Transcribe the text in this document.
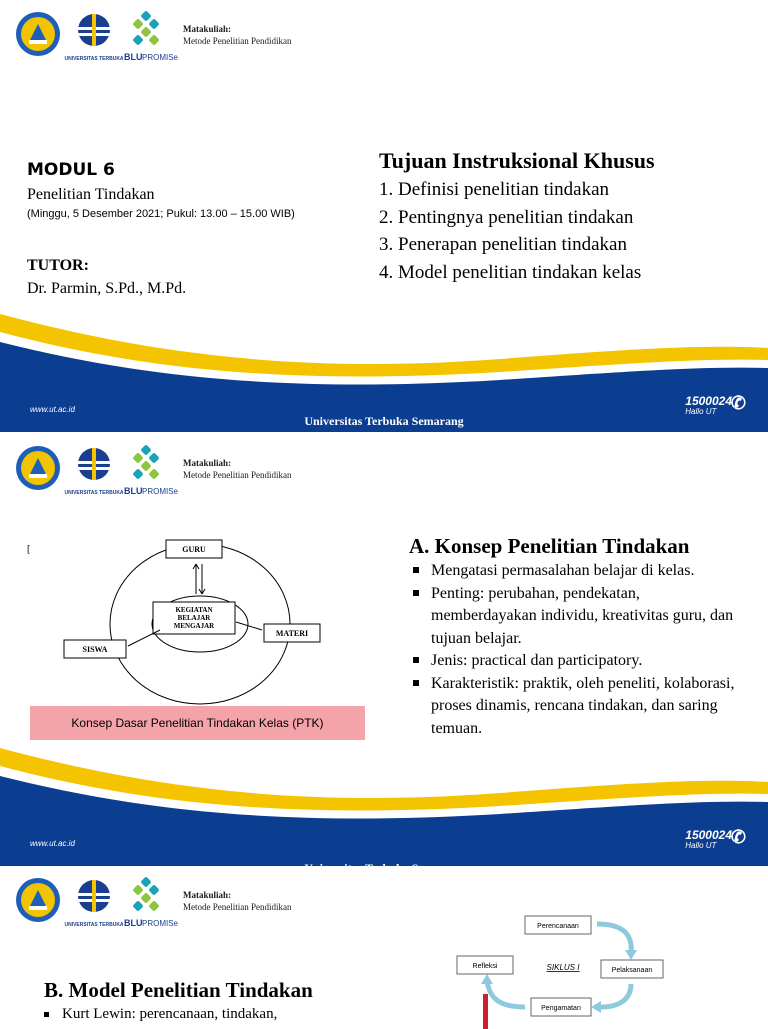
UNIVERSITAS TERBUKA BLU PROMISe
Matakuliah:
Metode Penelitian Pendidikan
MODUL 6
Penelitian Tindakan
(Minggu, 5 Desember 2021; Pukul: 13.00 – 15.00 WIB)
TUTOR:
Dr. Parmin, S.Pd., M.Pd.
Tujuan Instruksional Khusus
1. Definisi penelitian tindakan
2. Pentingnya penelitian tindakan
3. Penerapan penelitian tindakan
4. Model penelitian tindakan kelas
www.ut.ac.id
1500024
Hallo UT ✆
Universitas Terbuka Semarang
UNIVERSITAS TERBUKA BLU PROMISe
Matakuliah:
Metode Penelitian Pendidikan
[	GURU
KEGIATAN
BELAJAR
MENGAJAR
SISWA
MATERI
Konsep Dasar Penelitian Tindakan Kelas (PTK)
A. Konsep Penelitian Tindakan
Mengatasi permasalahan belajar di kelas.
Penting: perubahan, pendekatan, memberdayakan individu, kreativitas guru, dan tujuan belajar.
Jenis: practical dan participatory.
Karakteristik: praktik, oleh peneliti, kolaborasi, proses dinamis, rencana tindakan, dan saring temuan.
www.ut.ac.id
1500024
Hallo UT ✆
UNIVERSITAS TERBUKA BLU PROMISe
Matakuliah:
Metode Penelitian Pendidikan
B. Model Penelitian Tindakan
Kurt Lewin: perencanaan, tindakan,
Perencanaan
Refleksi	SIKLUS I	Pelaksanaan
Pengamatan
